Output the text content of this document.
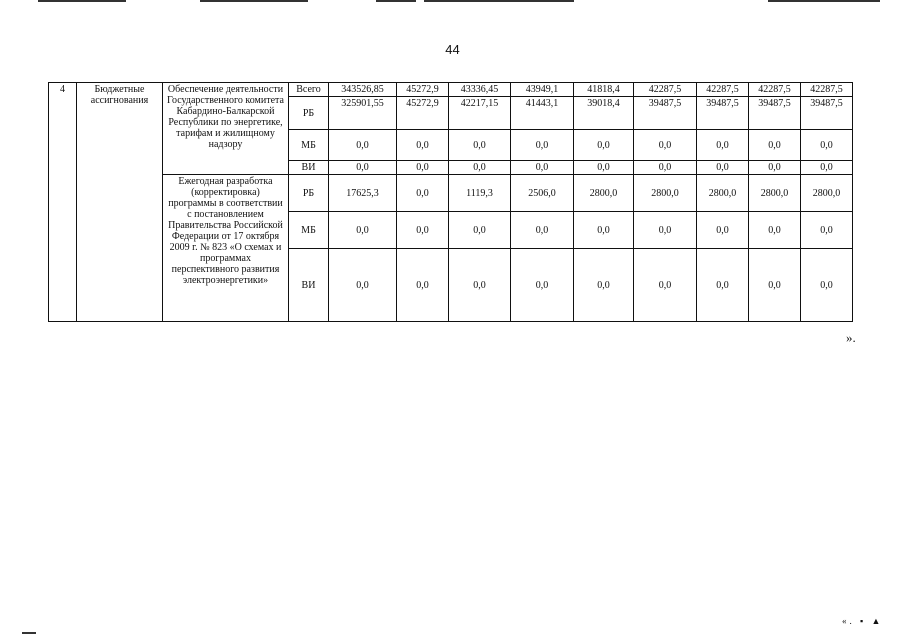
44
4	Бюджетные ассигнования	Обеспечение деятельности Государственного комитета Кабардино-Балкарской Республики по энергетике, тарифам и жилищному надзору	Всего	343526,85	45272,9	43336,45	43949,1	41818,4	42287,5	42287,5	42287,5	42287,5
			РБ	325901,55	45272,9	42217,15	41443,1	39018,4	39487,5	39487,5	39487,5	39487,5
			МБ	0,0	0,0	0,0	0,0	0,0	0,0	0,0	0,0	0,0
			ВИ	0,0	0,0	0,0	0,0	0,0	0,0	0,0	0,0	0,0
		Ежегодная разработка (корректировка) программы в соответствии с постановлением Правительства Российской Федерации от 17 октября 2009 г. № 823 «О схемах и программах перспективного развития электроэнергетики»	РБ	17625,3	0,0	1119,3	2506,0	2800,0	2800,0	2800,0	2800,0	2800,0
			МБ	0,0	0,0	0,0	0,0	0,0	0,0	0,0	0,0	0,0
			ВИ	0,0	0,0	0,0	0,0	0,0	0,0	0,0	0,0	0,0
».
«. ▪ ▲
